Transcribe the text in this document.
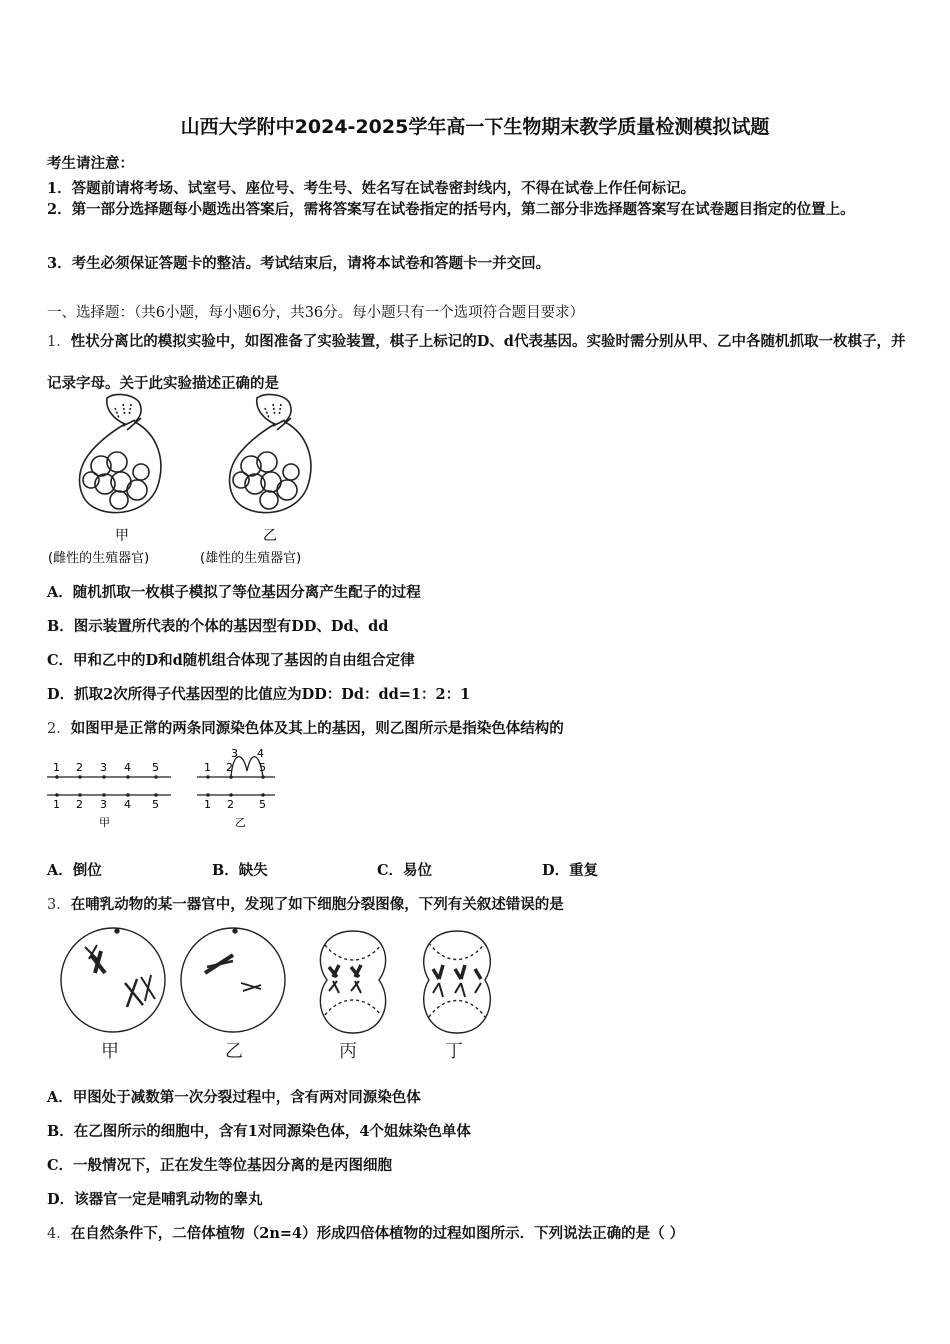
山西大学附中2024-2025学年高一下生物期末教学质量检测模拟试题
考生请注意：
1．答题前请将考场、试室号、座位号、考生号、姓名写在试卷密封线内，不得在试卷上作任何标记。
2．第一部分选择题每小题选出答案后，需将答案写在试卷指定的括号内，第二部分非选择题答案写在试卷题目指定的位置上。
3．考生必须保证答题卡的整洁。考试结束后，请将本试卷和答题卡一并交回。
一、选择题：（共6小题，每小题6分，共36分。每小题只有一个选项符合题目要求）
1．性状分离比的模拟实验中，如图准备了实验装置，棋子上标记的D、d代表基因。实验时需分别从甲、乙中各随机抓取一枚棋子，并记录字母。关于此实验描述正确的是
甲	乙
(雌性的生殖器官)	(雄性的生殖器官)
A．随机抓取一枚棋子模拟了等位基因分离产生配子的过程
B．图示装置所代表的个体的基因型有DD、Dd、dd
C．甲和乙中的D和d随机组合体现了基因的自由组合定律
D．抓取2次所得子代基因型的比值应为DD：Dd：dd=1：2：1
2．如图甲是正常的两条同源染色体及其上的基因，则乙图所示是指染色体结构的
1 2 3 4 5
1 2 3 4 5
1 2
3 4
5
1 2 5
甲	乙
A．倒位	B．缺失	C．易位	D．重复
3．在哺乳动物的某一器官中，发现了如下细胞分裂图像，下列有关叙述错误的是
甲	乙	丙	丁
A．甲图处于减数第一次分裂过程中，含有两对同源染色体
B．在乙图所示的细胞中，含有1对同源染色体，4个姐妹染色单体
C．一般情况下，正在发生等位基因分离的是丙图细胞
D．该器官一定是哺乳动物的睾丸
4．在自然条件下，二倍体植物（2n=4）形成四倍体植物的过程如图所示．下列说法正确的是（ ）
